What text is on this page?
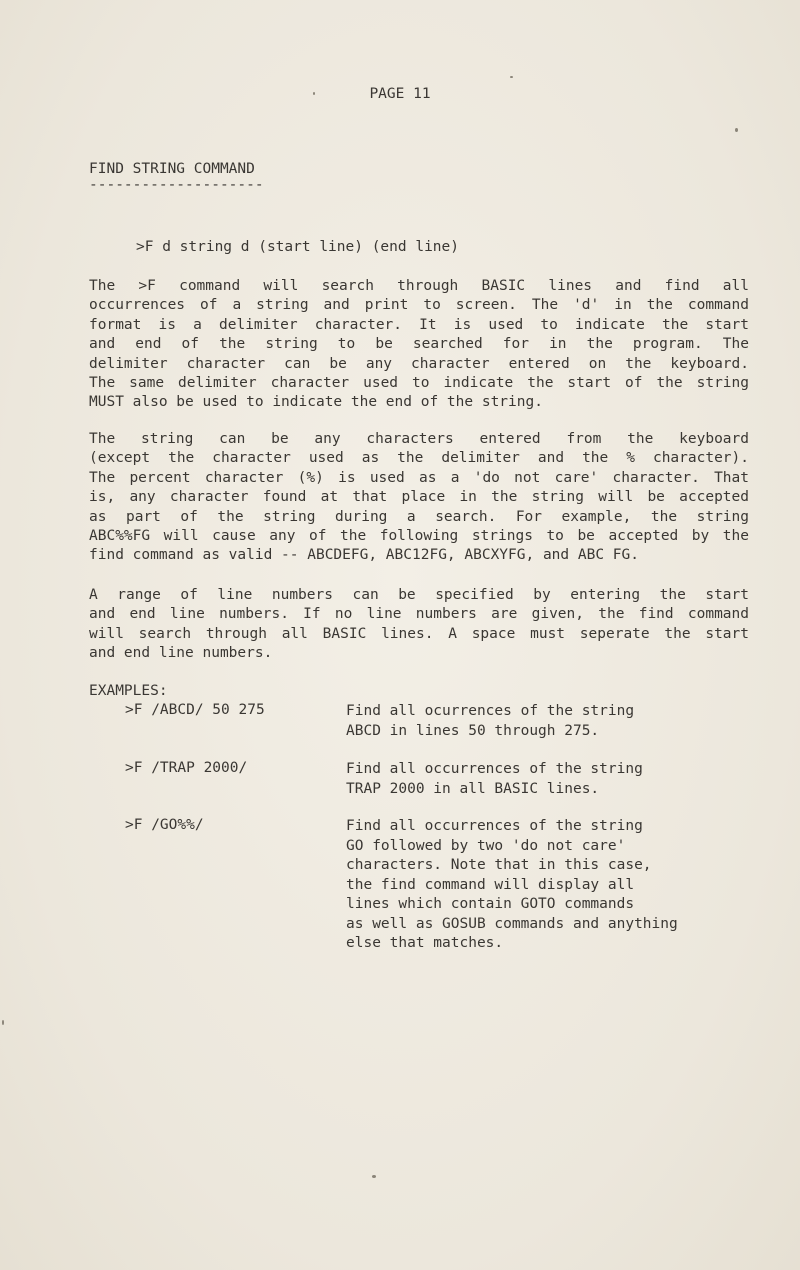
PAGE 11
FIND STRING COMMAND
--------------------
>F d string d (start line) (end line)
The >F command will search through BASIC lines and find all
occurrences of a string and print to screen. The 'd' in the command
format is a delimiter character. It is used to indicate the start
and end of the string to be searched for in the program. The
delimiter character can be any character entered on the keyboard.
The same delimiter character used to indicate the start of the string
MUST also be used to indicate the end of the string.
The string can be any characters entered from the keyboard
(except the character used as the delimiter and the % character).
The percent character (%) is used as a 'do not care' character. That
is, any character found at that place in the string will be accepted
as part of the string during a search. For example, the string
ABC%%FG will cause any of the following strings to be accepted by the
find command as valid -- ABCDEFG, ABC12FG, ABCXYFG, and ABC FG.
A range of line numbers can be specified by entering the start
and end line numbers. If no line numbers are given, the find command
will search through all BASIC lines. A space must seperate the start
and end line numbers.
EXAMPLES:
>F /ABCD/ 50 275	Find all ocurrences of the string
ABCD in lines 50 through 275.
>F /TRAP 2000/	Find all occurrences of the string
TRAP 2000 in all BASIC lines.
>F /GO%%/	Find all occurrences of the string
GO followed by two 'do not care'
characters. Note that in this case,
the find command will display all
lines which contain GOTO commands
as well as GOSUB commands and anything
else that matches.
